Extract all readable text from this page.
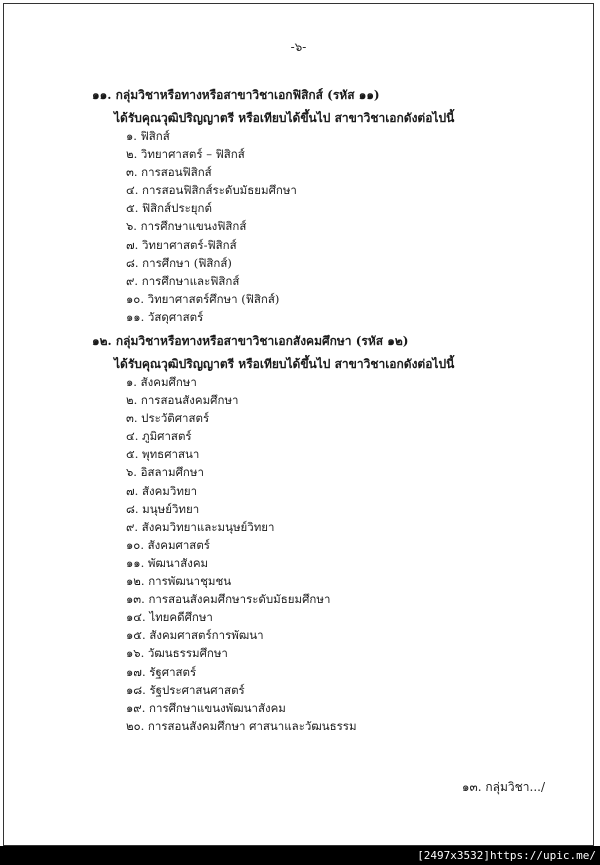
-๖-

๑๑. กลุ่มวิชาหรือทางหรือสาขาวิชาเอกฟิสิกส์ (รหัส ๑๑)

ได้รับคุณวุฒิปริญญาตรี หรือเทียบได้ขึ้นไป สาขาวิชาเอกดังต่อไปนี้

๑. ฟิสิกส์
๒. วิทยาศาสตร์ – ฟิสิกส์
๓. การสอนฟิสิกส์
๔. การสอนฟิสิกส์ระดับมัธยมศึกษา
๕. ฟิสิกส์ประยุกต์
๖. การศึกษาแขนงฟิสิกส์
๗. วิทยาศาสตร์-ฟิสิกส์
๘. การศึกษา (ฟิสิกส์)
๙. การศึกษาและฟิสิกส์
๑๐. วิทยาศาสตร์ศึกษา (ฟิสิกส์)
๑๑. วัสดุศาสตร์

๑๒. กลุ่มวิชาหรือทางหรือสาขาวิชาเอกสังคมศึกษา (รหัส ๑๒)

ได้รับคุณวุฒิปริญญาตรี หรือเทียบได้ขึ้นไป สาขาวิชาเอกดังต่อไปนี้

๑. สังคมศึกษา
๒. การสอนสังคมศึกษา
๓. ประวัติศาสตร์
๔. ภูมิศาสตร์
๕. พุทธศาสนา
๖. อิสลามศึกษา
๗. สังคมวิทยา
๘. มนุษย์วิทยา
๙. สังคมวิทยาและมนุษย์วิทยา
๑๐. สังคมศาสตร์
๑๑. พัฒนาสังคม
๑๒. การพัฒนาชุมชน
๑๓. การสอนสังคมศึกษาระดับมัธยมศึกษา
๑๔. ไทยคดีศึกษา
๑๕. สังคมศาสตร์การพัฒนา
๑๖. วัฒนธรรมศึกษา
๑๗. รัฐศาสตร์
๑๘. รัฐประศาสนศาสตร์
๑๙. การศึกษาแขนงพัฒนาสังคม
๒๐. การสอนสังคมศึกษา ศาสนาและวัฒนธรรม
๑๓. กลุ่มวิชา.../
[2497x3532]https://upic.me/
